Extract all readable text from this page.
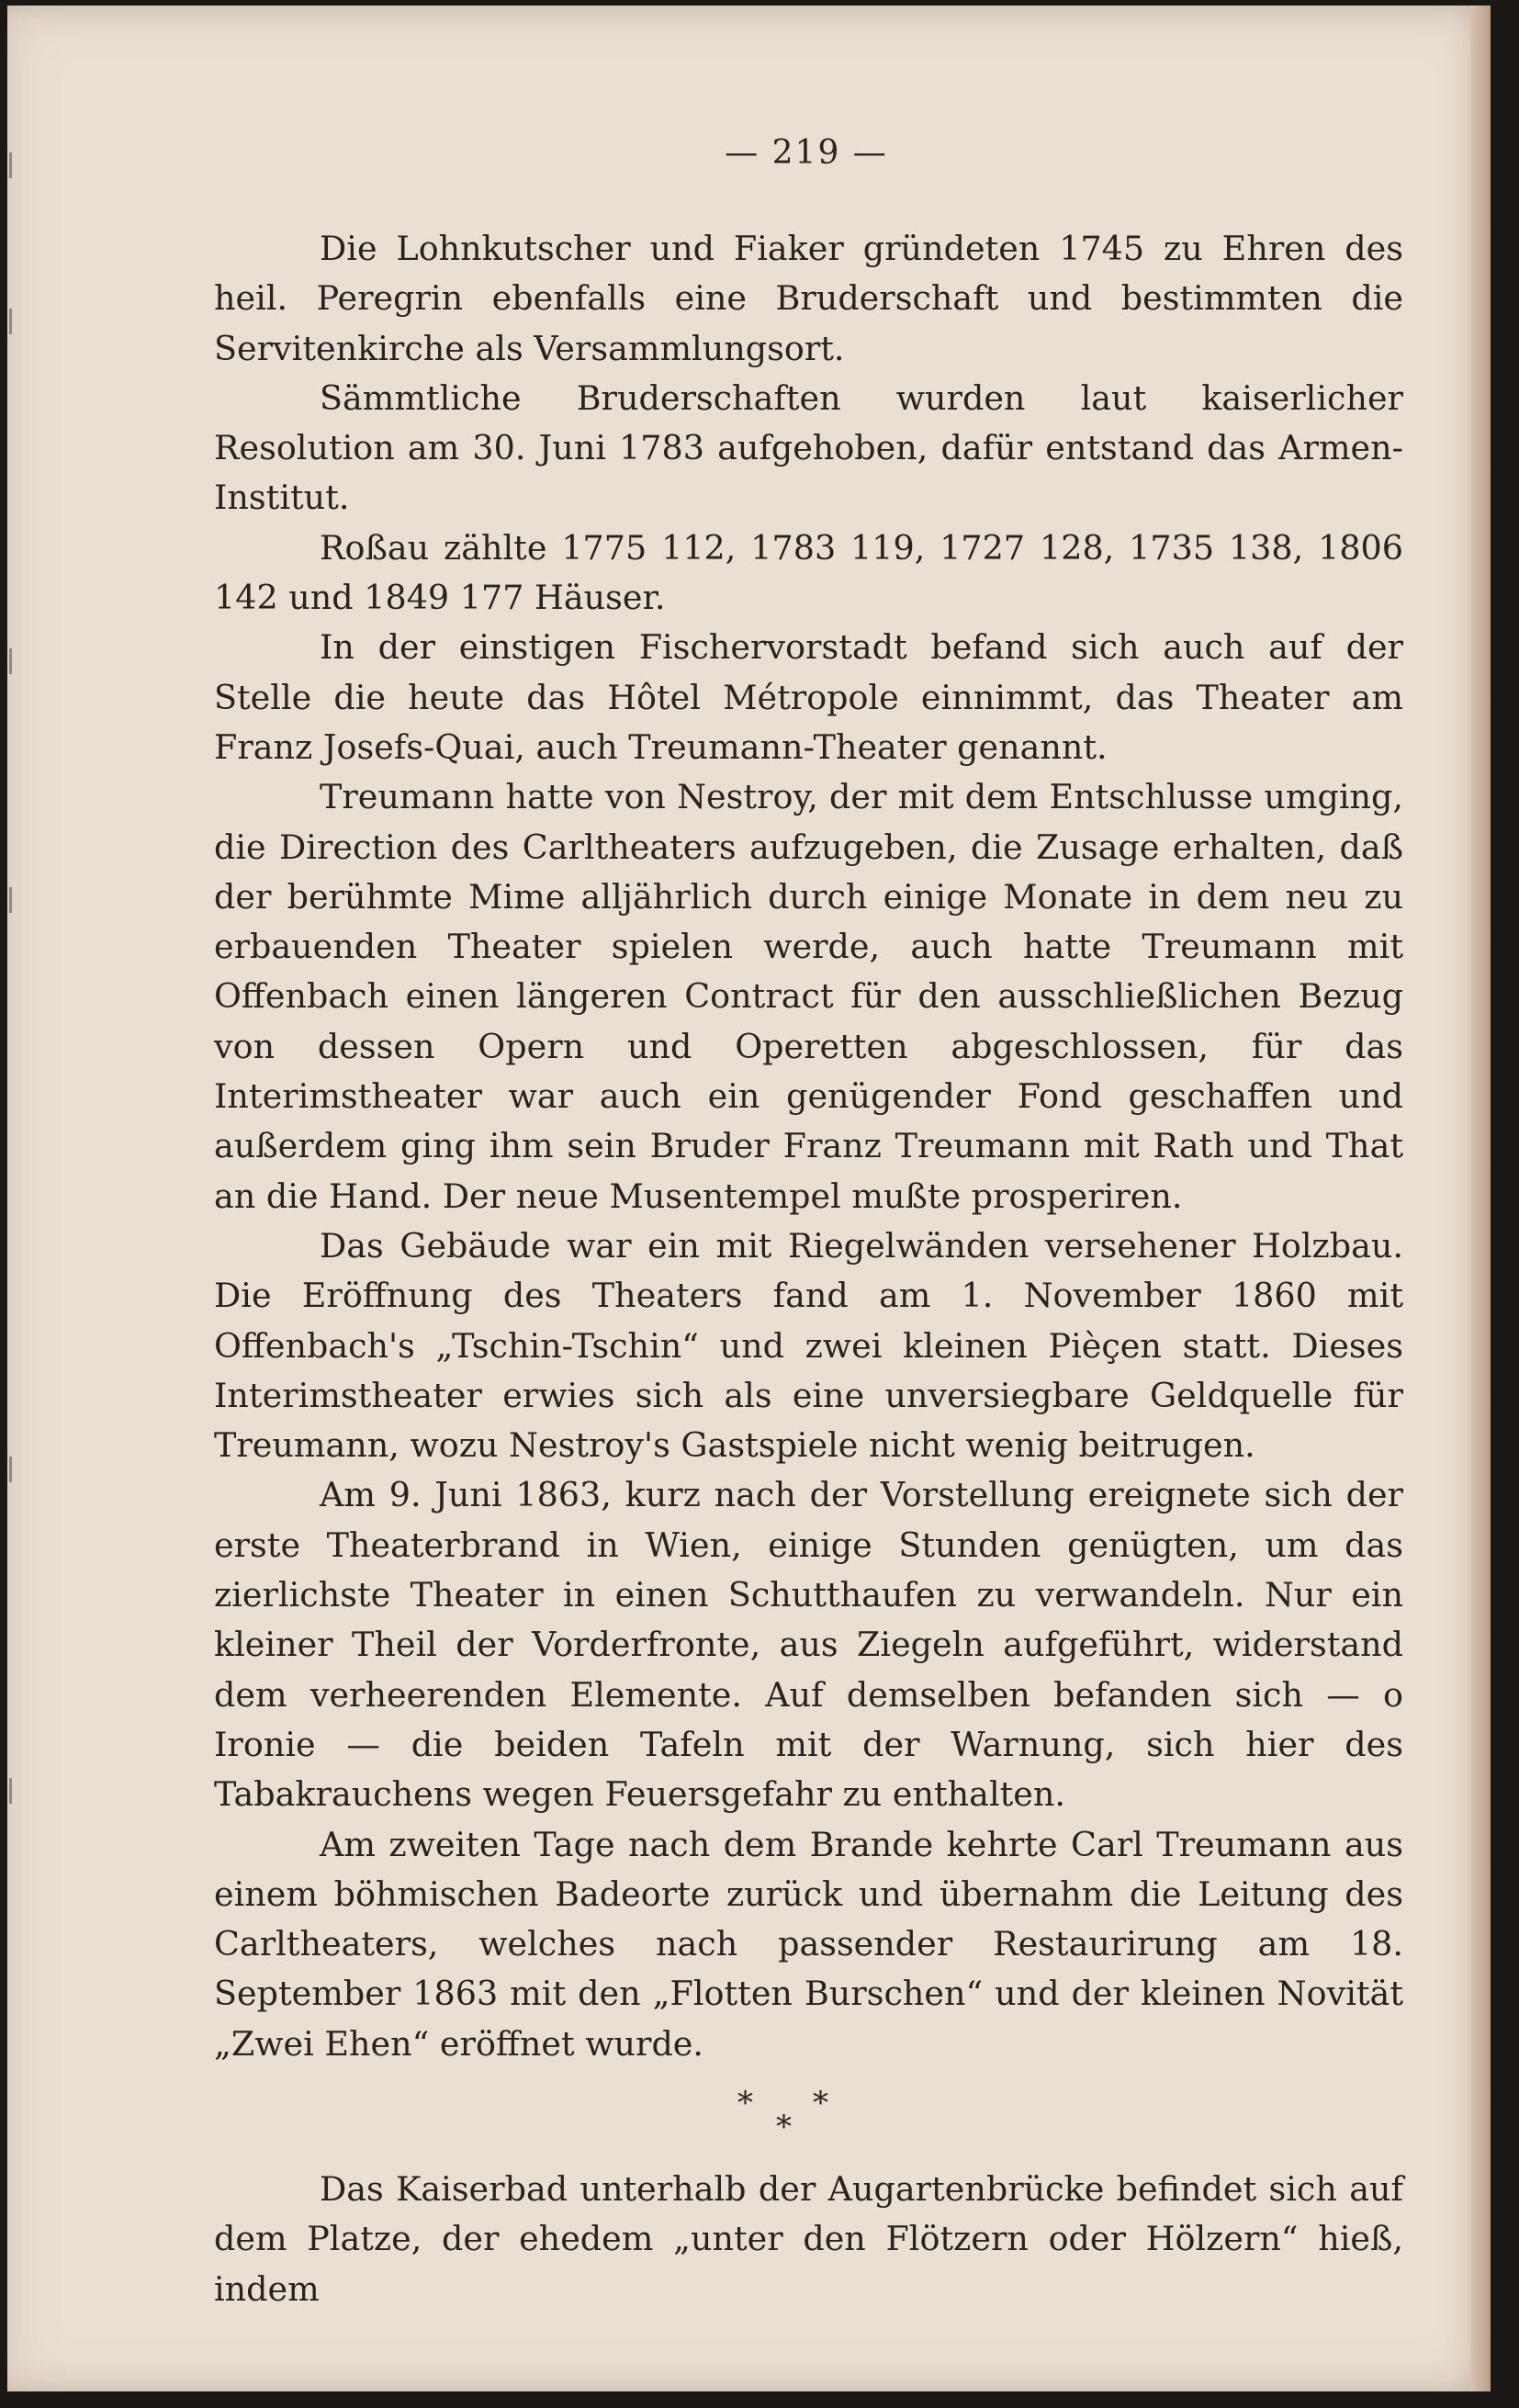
— 219 —

Die Lohnkutscher und Fiaker gründeten 1745 zu Ehren des heil. Peregrin ebenfalls eine Bruderschaft und bestimmten die Servitenkirche als Versammlungsort.

Sämmtliche Bruderschaften wurden laut kaiserlicher Resolution am 30. Juni 1783 aufgehoben, dafür entstand das Armen-Institut.

Roßau zählte 1775 112, 1783 119, 1727 128, 1735 138, 1806 142 und 1849 177 Häuser.

In der einstigen Fischervorstadt befand sich auch auf der Stelle die heute das Hôtel Métropole einnimmt, das Theater am Franz Josefs-Quai, auch Treumann-Theater genannt.

Treumann hatte von Nestroy, der mit dem Entschlusse umging, die Direction des Carltheaters aufzugeben, die Zusage erhalten, daß der berühmte Mime alljährlich durch einige Monate in dem neu zu erbauenden Theater spielen werde, auch hatte Treumann mit Offenbach einen längeren Contract für den ausschließlichen Bezug von dessen Opern und Operetten abgeschlossen, für das Interimstheater war auch ein genügender Fond geschaffen und außerdem ging ihm sein Bruder Franz Treumann mit Rath und That an die Hand. Der neue Musentempel mußte prosperiren.

Das Gebäude war ein mit Riegelwänden versehener Holzbau. Die Eröffnung des Theaters fand am 1. November 1860 mit Offenbach's „Tschin-Tschin“ und zwei kleinen Pièçen statt. Dieses Interimstheater erwies sich als eine unversiegbare Geldquelle für Treumann, wozu Nestroy's Gastspiele nicht wenig beitrugen.

Am 9. Juni 1863, kurz nach der Vorstellung ereignete sich der erste Theaterbrand in Wien, einige Stunden genügten, um das zierlichste Theater in einen Schutthaufen zu verwandeln. Nur ein kleiner Theil der Vorderfronte, aus Ziegeln aufgeführt, widerstand dem verheerenden Elemente. Auf demselben befanden sich — o Ironie — die beiden Tafeln mit der Warnung, sich hier des Tabakrauchens wegen Feuersgefahr zu enthalten.

Am zweiten Tage nach dem Brande kehrte Carl Treumann aus einem böhmischen Badeorte zurück und übernahm die Leitung des Carltheaters, welches nach passender Restaurirung am 18. September 1863 mit den „Flotten Burschen“ und der kleinen Novität „Zwei Ehen“ eröffnet wurde.

* *
*

Das Kaiserbad unterhalb der Augartenbrücke befindet sich auf dem Platze, der ehedem „unter den Flötzern oder Hölzern“ hieß, indem
